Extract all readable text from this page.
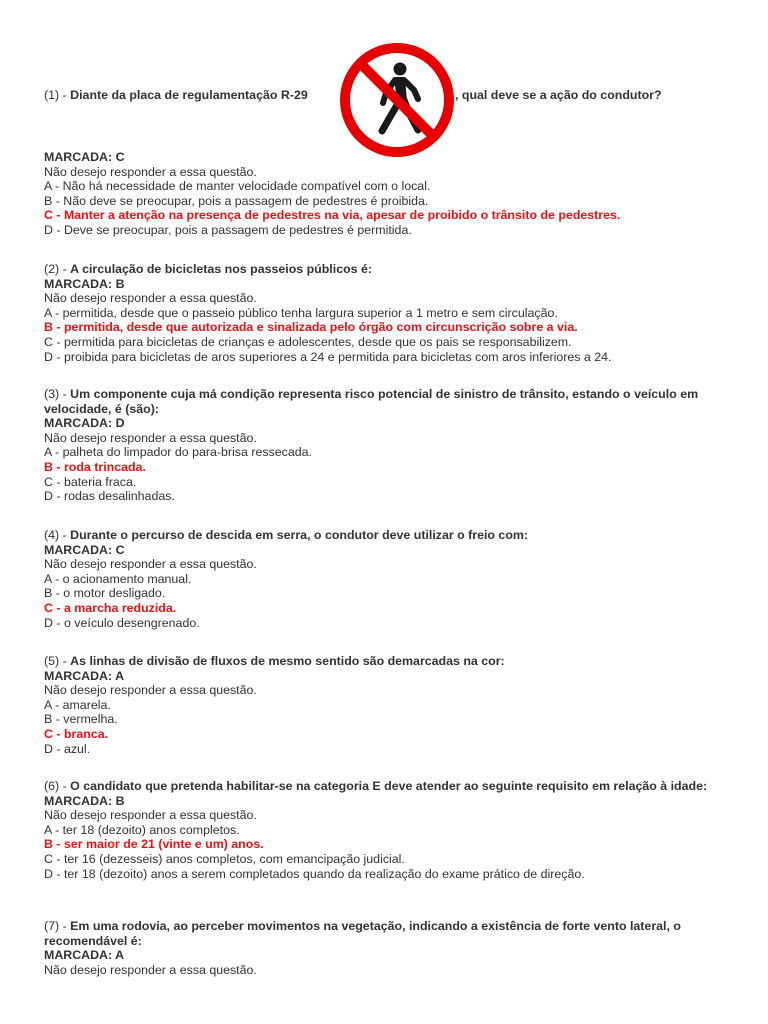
(1) - Diante da placa de regulamentação R-29	, qual deve se a ação do condutor?

MARCADA: C

Não desejo responder a essa questão.

A - Não há necessidade de manter velocidade compatível com o local.

B - Não deve se preocupar, pois a passagem de pedestres é proibida.

C - Manter a atenção na presença de pedestres na via, apesar de proibido o trânsito de pedestres.

D - Deve se preocupar, pois a passagem de pedestres é permitida.

(2) - A circulação de bicicletas nos passeios públicos é:

MARCADA: B

Não desejo responder a essa questão.

A - permitida, desde que o passeio público tenha largura superior a 1 metro e sem circulação.

B - permitida, desde que autorizada e sinalizada pelo órgão com circunscrição sobre a via.

C - permitida para bicicletas de crianças e adolescentes, desde que os pais se responsabilizem.

D - proibida para bicicletas de aros superiores a 24 e permitida para bicicletas com aros inferiores a 24.

(3) - Um componente cuja má condição representa risco potencial de sinistro de trânsito, estando o veículo em velocidade, é (são):

MARCADA: D

Não desejo responder a essa questão.

A - palheta do limpador do para-brisa ressecada.

B - roda trincada.

C - bateria fraca.

D - rodas desalinhadas.

(4) - Durante o percurso de descida em serra, o condutor deve utilizar o freio com:

MARCADA: C

Não desejo responder a essa questão.

A - o acionamento manual.

B - o motor desligado.

C - a marcha reduzida.

D - o veículo desengrenado.

(5) - As linhas de divisão de fluxos de mesmo sentido são demarcadas na cor:

MARCADA: A

Não desejo responder a essa questão.

A - amarela.

B - vermelha.

C - branca.

D - azul.

(6) - O candidato que pretenda habilitar-se na categoria E deve atender ao seguinte requisito em relação à idade:

MARCADA: B

Não desejo responder a essa questão.

A - ter 18 (dezoito) anos completos.

B - ser maior de 21 (vinte e um) anos.

C - ter 16 (dezesseis) anos completos, com emancipação judicial.

D - ter 18 (dezoito) anos a serem completados quando da realização do exame prático de direção.

(7) - Em uma rodovia, ao perceber movimentos na vegetação, indicando a existência de forte vento lateral, o recomendável é:

MARCADA: A

Não desejo responder a essa questão.
